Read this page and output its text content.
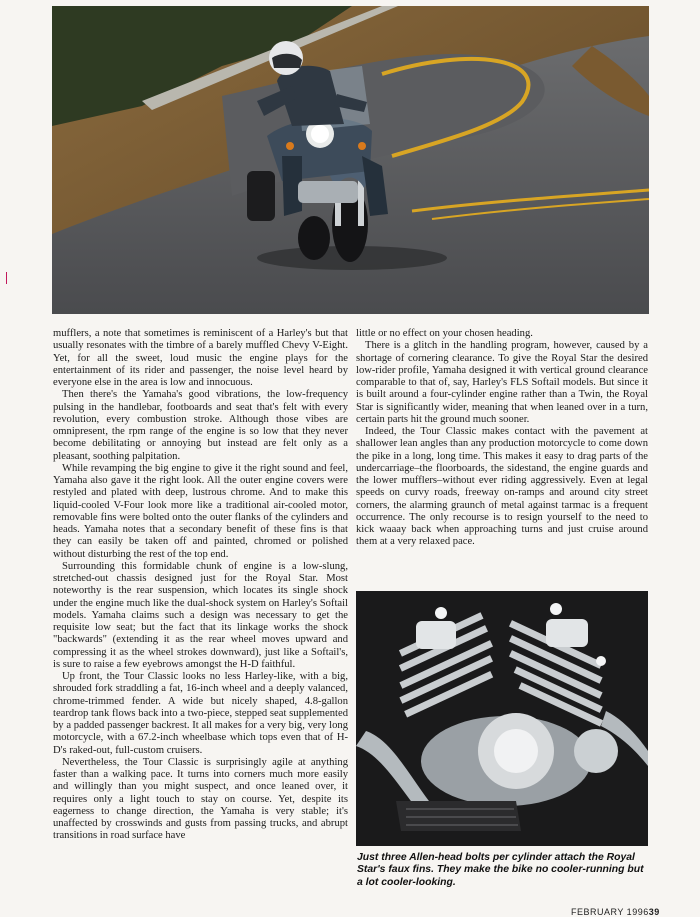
mufflers, a note that sometimes is reminiscent of a Harley's but that usually resonates with the timbre of a barely muffled Chevy V-Eight. Yet, for all the sweet, loud music the engine plays for the entertainment of its rider and passenger, the noise level heard by everyone else in the area is low and innocuous.

Then there's the Yamaha's good vibrations, the low-frequency pulsing in the handlebar, footboards and seat that's felt with every revolution, every combustion stroke. Although those vibes are omnipresent, the rpm range of the engine is so low that they never become debilitating or annoying but instead are felt only as a pleasant, soothing palpitation.

While revamping the big engine to give it the right sound and feel, Yamaha also gave it the right look. All the outer engine covers were restyled and plated with deep, lustrous chrome. And to make this liquid-cooled V-Four look more like a traditional air-cooled motor, removable fins were bolted onto the outer flanks of the cylinders and heads. Yamaha notes that a secondary benefit of these fins is that they can easily be taken off and painted, chromed or polished without disturbing the rest of the top end.

Surrounding this formidable chunk of engine is a low-slung, stretched-out chassis designed just for the Royal Star. Most noteworthy is the rear suspension, which locates its single shock under the engine much like the dual-shock system on Harley's Softail models. Yamaha claims such a design was necessary to get the requisite low seat; but the fact that its linkage works the shock "backwards" (extending it as the rear wheel moves upward and compressing it as the wheel strokes downward), just like a Softail's, is sure to raise a few eyebrows amongst the H-D faithful.

Up front, the Tour Classic looks no less Harley-like, with a big, shrouded fork straddling a fat, 16-inch wheel and a deeply valanced, chrome-trimmed fender. A wide but nicely shaped, 4.8-gallon teardrop tank flows back into a two-piece, stepped seat supplemented by a padded passenger backrest. It all makes for a very big, very long motorcycle, with a 67.2-inch wheelbase which tops even that of H-D's raked-out, full-custom cruisers.

Nevertheless, the Tour Classic is surprisingly agile at anything faster than a walking pace. It turns into corners much more easily and willingly than you might suspect, and once leaned over, it requires only a light touch to stay on course. Yet, despite its eagerness to change direction, the Yamaha is very stable; it's unaffected by crosswinds and gusts from passing trucks, and abrupt transitions in road surface have

little or no effect on your chosen heading.

There is a glitch in the handling program, however, caused by a shortage of cornering clearance. To give the Royal Star the desired low-rider profile, Yamaha designed it with vertical ground clearance comparable to that of, say, Harley's FLS Softail models. But since it is built around a four-cylinder engine rather than a Twin, the Royal Star is significantly wider, meaning that when leaned over in a turn, certain parts hit the ground much sooner.

Indeed, the Tour Classic makes contact with the pavement at shallower lean angles than any production motorcycle to come down the pike in a long, long time. This makes it easy to drag parts of the undercarriage–the floorboards, the sidestand, the engine guards and the lower mufflers–without ever riding aggressively. Even at legal speeds on curvy roads, freeway on-ramps and around city street corners, the alarming graunch of metal against tarmac is a frequent occurrence. The only recourse is to resign yourself to the need to kick waaay back when approaching turns and just cruise around them at a very relaxed pace.

Just three Allen-head bolts per cylinder attach the Royal Star's faux fins. They make the bike no cooler-running but a lot cooler-looking.
FEBRUARY 199639
